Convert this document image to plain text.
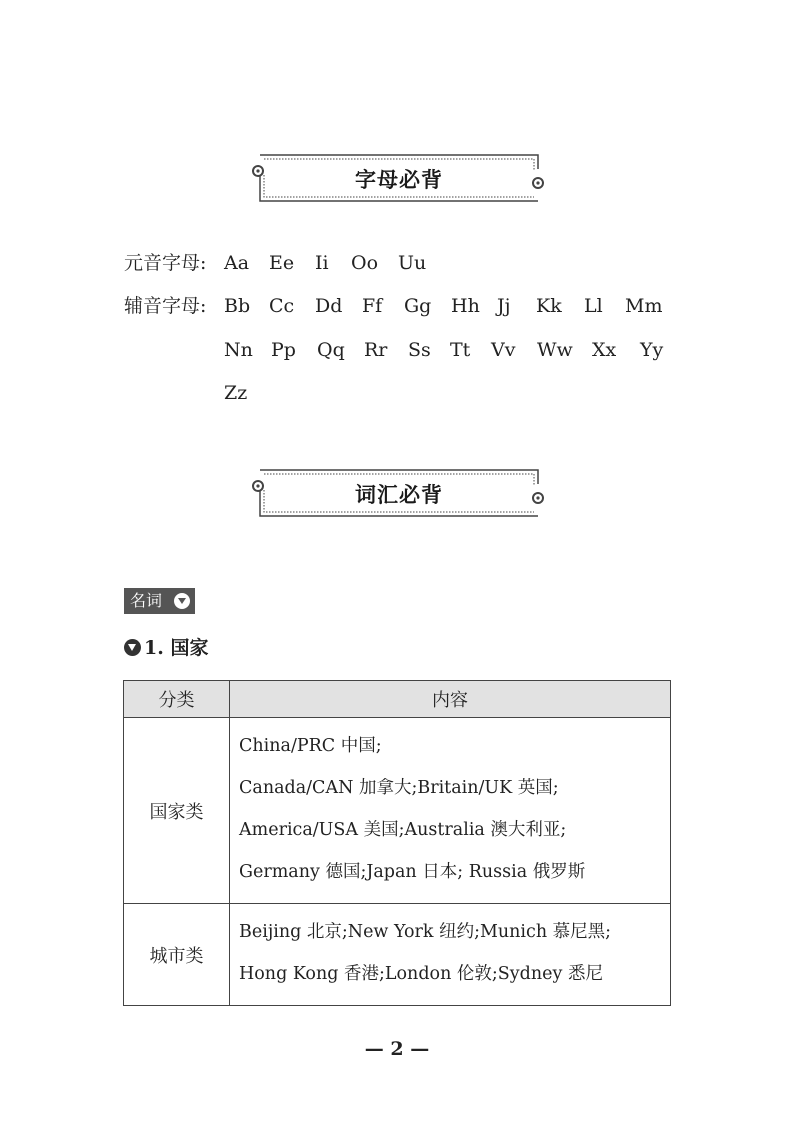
字母必背
元音字母: Aa Ee Ii Oo Uu
辅音字母: Bb Cc Dd Ff Gg Hh Jj Kk Ll Mm
Nn Pp Qq Rr Ss Tt Vv Ww Xx Yy
Zz
词汇必背
名词
1. 国家
分类	内容
国家类	China/PRC 中国;
Canada/CAN 加拿大;Britain/UK 英国;
America/USA 美国;Australia 澳大利亚;
Germany 德国;Japan 日本; Russia 俄罗斯

城市类	Beijing 北京;New York 纽约;Munich 慕尼黑;
Hong Kong 香港;London 伦敦;Sydney 悉尼
— 2 —
